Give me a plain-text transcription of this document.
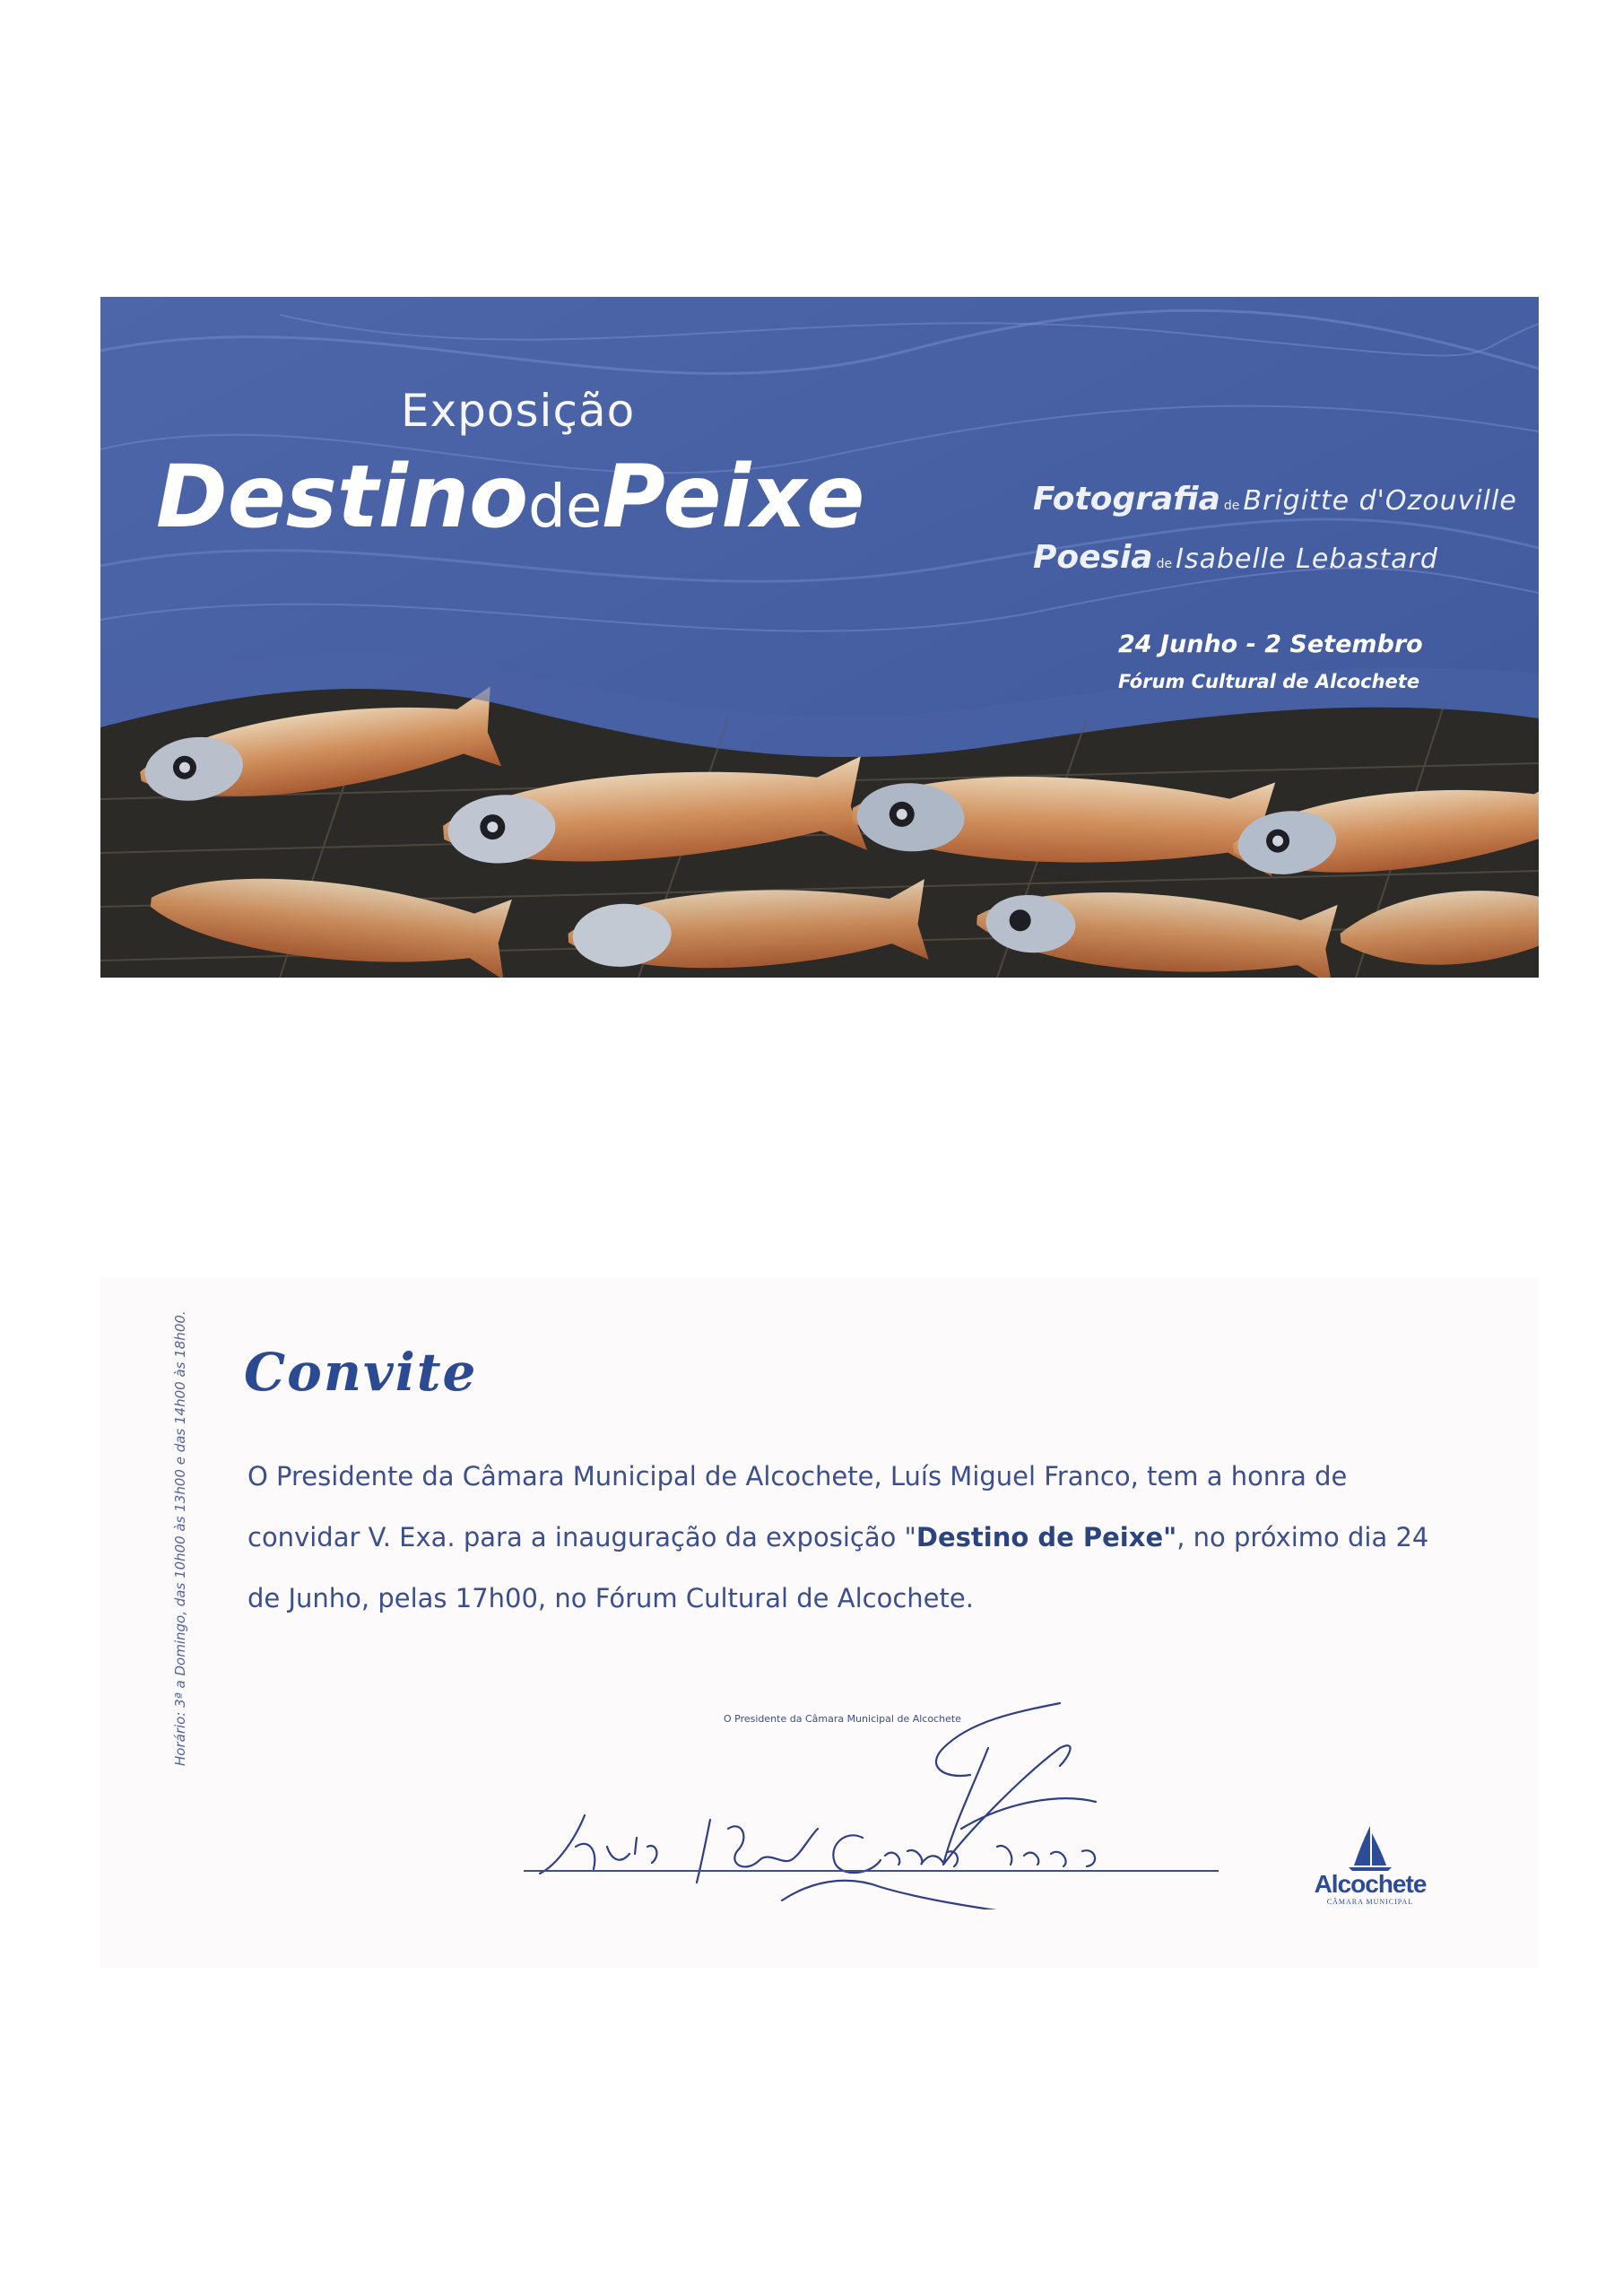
Exposição
DestinodePeixe	Fotografia de Brigitte d'Ozouville
Poesia de Isabelle Lebastard
24 Junho - 2 Setembro
Fórum Cultural de Alcochete
Convite

O Presidente da Câmara Municipal de Alcochete, Luís Miguel Franco, tem a honra de convidar V. Exa. para a inauguração da exposição "Destino de Peixe", no próximo dia 24 de Junho, pelas 17h00, no Fórum Cultural de Alcochete.

Horário: 3ª a Domingo, das 10h00 às 13h00 e das 14h00 às 18h00.	O Presidente da Câmara Municipal de Alcochete
Alcochete
CÂMARA MUNICIPAL
